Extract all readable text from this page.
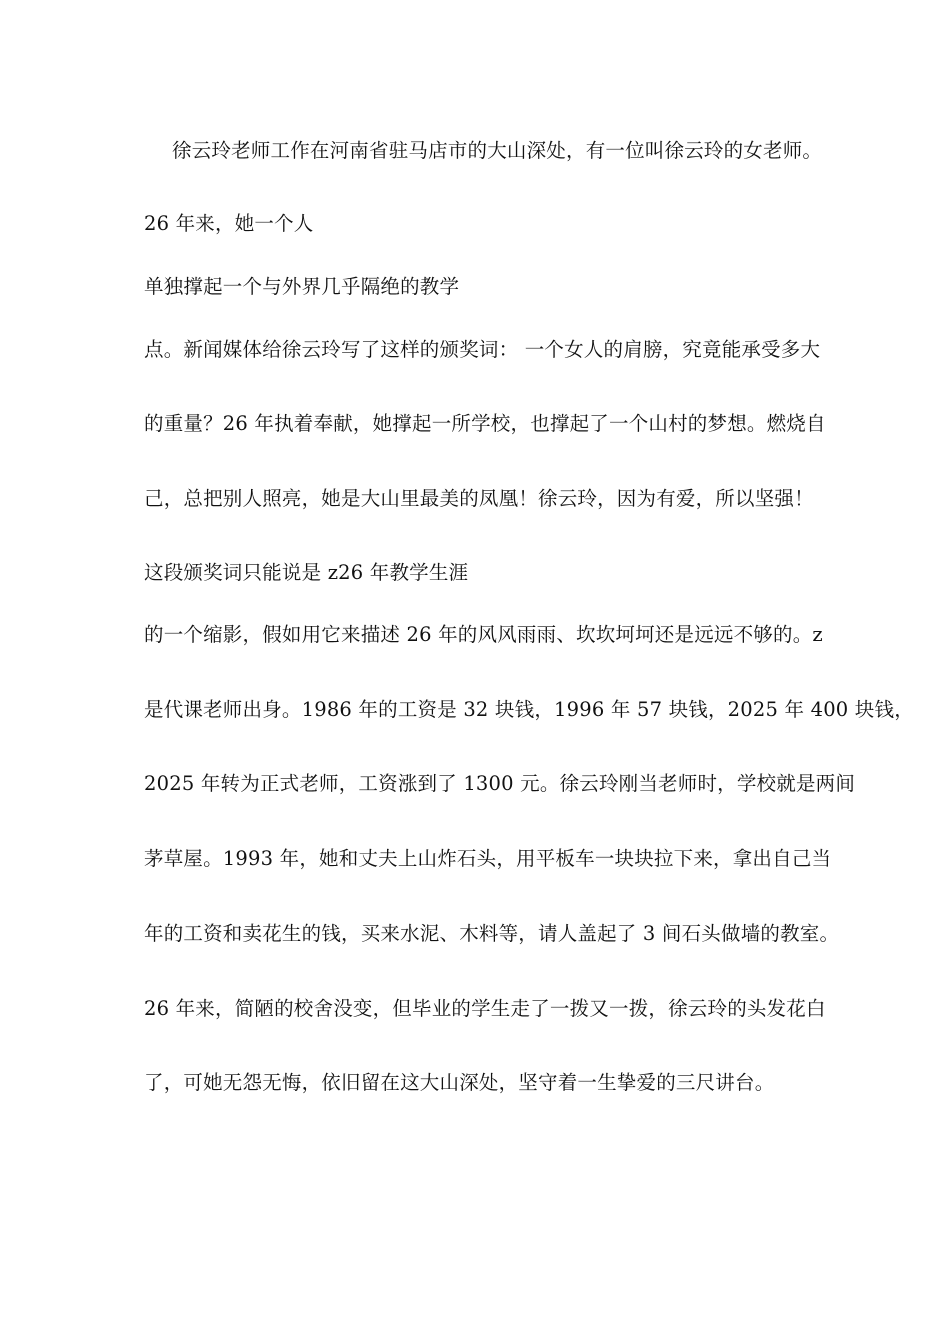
徐云玲老师工作在河南省驻马店市的大山深处，有一位叫徐云玲的女老师。
26 年来，她一个人
单独撑起一个与外界几乎隔绝的教学
点。新闻媒体给徐云玲写了这样的颁奖词： 一个女人的肩膀，究竟能承受多大
的重量？26 年执着奉献，她撑起一所学校，也撑起了一个山村的梦想。燃烧自
己，总把别人照亮，她是大山里最美的凤凰！徐云玲，因为有爱，所以坚强！
这段颁奖词只能说是 z26 年教学生涯
的一个缩影，假如用它来描述 26 年的风风雨雨、坎坎坷坷还是远远不够的。z
是代课老师出身。1986 年的工资是 32 块钱，1996 年 57 块钱，2025 年 400 块钱，
2025 年转为正式老师，工资涨到了 1300 元。徐云玲刚当老师时，学校就是两间
茅草屋。1993 年，她和丈夫上山炸石头，用平板车一块块拉下来，拿出自己当
年的工资和卖花生的钱，买来水泥、木料等，请人盖起了 3 间石头做墙的教室。
26 年来，简陋的校舍没变，但毕业的学生走了一拨又一拨，徐云玲的头发花白
了，可她无怨无悔，依旧留在这大山深处，坚守着一生挚爱的三尺讲台。
